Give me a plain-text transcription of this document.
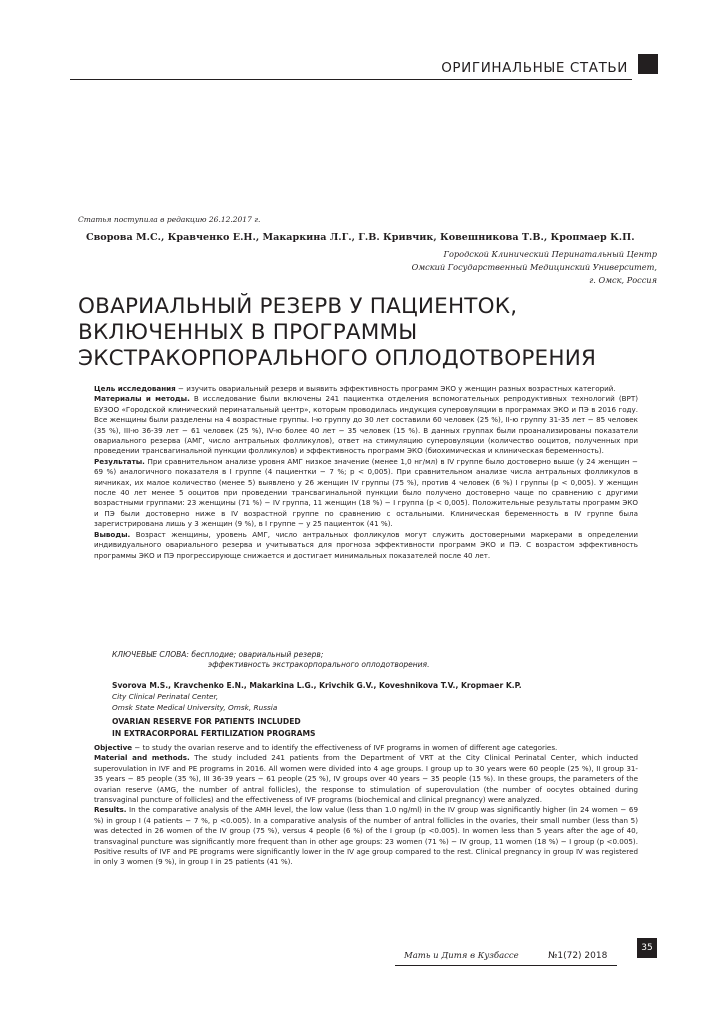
ОРИГИНАЛЬНЫЕ СТАТЬИ
Статья поступила в редакцию 26.12.2017 г.
Сворова М.С., Кравченко Е.Н., Макаркина Л.Г., Г.В. Кривчик, Ковешникова Т.В., Кропмаер К.П.
Городской Клинический Перинатальный Центр
Омский Государственный Медицинский Университет,
г. Омск, Россия
ОВАРИАЛЬНЫЙ РЕЗЕРВ У ПАЦИЕНТОК,
ВКЛЮЧЕННЫХ В ПРОГРАММЫ
ЭКСТРАКОРПОРАЛЬНОГО ОПЛОДОТВОРЕНИЯ
Цель исследования − изучить овариальный резерв и выявить эффективность программ ЭКО у женщин разных возрастных категорий.
Материалы и методы. В исследование были включены 241 пациентка отделения вспомогательных репродуктивных технологий (ВРТ) БУЗОО «Городской клинический перинатальный центр», которым проводилась индукция суперовуляции в программах ЭКО и ПЭ в 2016 году. Все женщины были разделены на 4 возрастные группы. I-ю группу до 30 лет составили 60 человек (25 %), II-ю группу 31-35 лет − 85 человек (35 %), III-ю 36-39 лет − 61 человек (25 %), IV-ю более 40 лет − 35 человек (15 %). В данных группах были проанализированы показатели овариального резерва (АМГ, число антральных фолликулов), ответ на стимуляцию суперовуляции (количество ооцитов, полученных при проведении трансвагинальной пункции фолликулов) и эффективность программ ЭКО (биохимическая и клиническая беременность).
Результаты. При сравнительном анализе уровня АМГ низкое значение (менее 1,0 нг/мл) в IV группе было достоверно выше (у 24 женщин − 69 %) аналогичного показателя в I группе (4 пациентки − 7 %; p < 0,005). При сравнительном анализе числа антральных фолликулов в яичниках, их малое количество (менее 5) выявлено у 26 женщин IV группы (75 %), против 4 человек (6 %) I группы (p < 0,005). У женщин после 40 лет менее 5 ооцитов при проведении трансвагинальной пункции было получено достоверно чаще по сравнению с другими возрастными группами: 23 женщины (71 %) − IV группа, 11 женщин (18 %) − I группа (p < 0,005). Положительные результаты программ ЭКО и ПЭ были достоверно ниже в IV возрастной группе по сравнению с остальными. Клиническая беременность в IV группе была зарегистрирована лишь у 3 женщин (9 %), в I группе − у 25 пациенток (41 %).
Выводы. Возраст женщины, уровень АМГ, число антральных фолликулов могут служить достоверными маркерами в определении индивидуального овариального резерва и учитываться для прогноза эффективности программ ЭКО и ПЭ. С возрастом эффективность программы ЭКО и ПЭ прогрессирующе снижается и достигает минимальных показателей после 40 лет.
КЛЮЧЕВЫЕ СЛОВА: бесплодие; овариальный резерв;
эффективность экстракорпорального оплодотворения.
Svorova M.S., Kravchenko E.N., Makarkina L.G., Krivchik G.V., Koveshnikova T.V., Kropmaer K.P.
City Clinical Perinatal Center,
Omsk State Medical University, Omsk, Russia
OVARIAN RESERVE FOR PATIENTS INCLUDED
IN EXTRACORPORAL FERTILIZATION PROGRAMS
Objective − to study the ovarian reserve and to identify the effectiveness of IVF programs in women of different age categories.
Material and methods. The study included 241 patients from the Department of VRT at the City Clinical Perinatal Center, which inducted superovulation in IVF and PE programs in 2016. All women were divided into 4 age groups. I group up to 30 years were 60 people (25 %), II group 31-35 years − 85 people (35 %), III 36-39 years − 61 people (25 %), IV groups over 40 years − 35 people (15 %). In these groups, the parameters of the ovarian reserve (AMG, the number of antral follicles), the response to stimulation of superovulation (the number of oocytes obtained during transvaginal puncture of follicles) and the effectiveness of IVF programs (biochemical and clinical pregnancy) were analyzed.
Results. In the comparative analysis of the AMH level, the low value (less than 1.0 ng/ml) in the IV group was significantly higher (in 24 women − 69 %) in group I (4 patients − 7 %, p <0.005). In a comparative analysis of the number of antral follicles in the ovaries, their small number (less than 5) was detected in 26 women of the IV group (75 %), versus 4 people (6 %) of the I group (p <0.005). In women less than 5 years after the age of 40, transvaginal puncture was significantly more frequent than in other age groups: 23 women (71 %) − IV group, 11 women (18 %) − I group (p <0.005). Positive results of IVF and PE programs were significantly lower in the IV age group compared to the rest. Clinical pregnancy in group IV was registered in only 3 women (9 %), in group I in 25 patients (41 %).
Мать и Дитя в Кузбассе	№1(72) 2018
35
